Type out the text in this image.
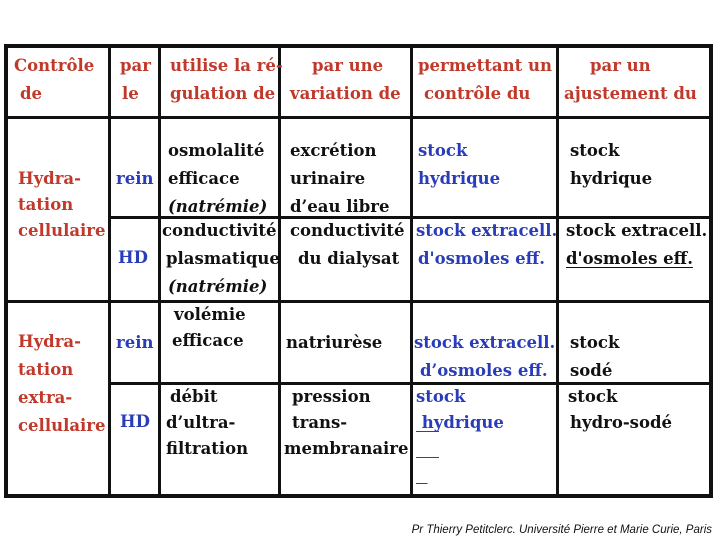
Contrôle
de
par
le
utilise la ré-
gulation de
par une
variation de
permettant un
contrôle du
par un
ajustement du
Hydra-
tation
cellulaire
rein
osmolalité
efficace
(natrémie)
excrétion
urinaire
d’eau libre
stock
hydrique
stock
hydrique
HD
conductivité
plasmatique
(natrémie)
conductivité
du dialysat
stock extracell.
d'osmoles eff.
stock extracell.
d'osmoles eff.
Hydra-
tation
extra-
cellulaire
rein
volémie
efficace	natriurèse stock extracell.
d’osmoles eff.
stock
sodé
HD
débit
d’ultra-
filtration
pression
trans-
membranaire

stock

hydrique

stock
hydro-sodé
Pr Thierry Petitclerc. Université Pierre et Marie Curie, Paris
